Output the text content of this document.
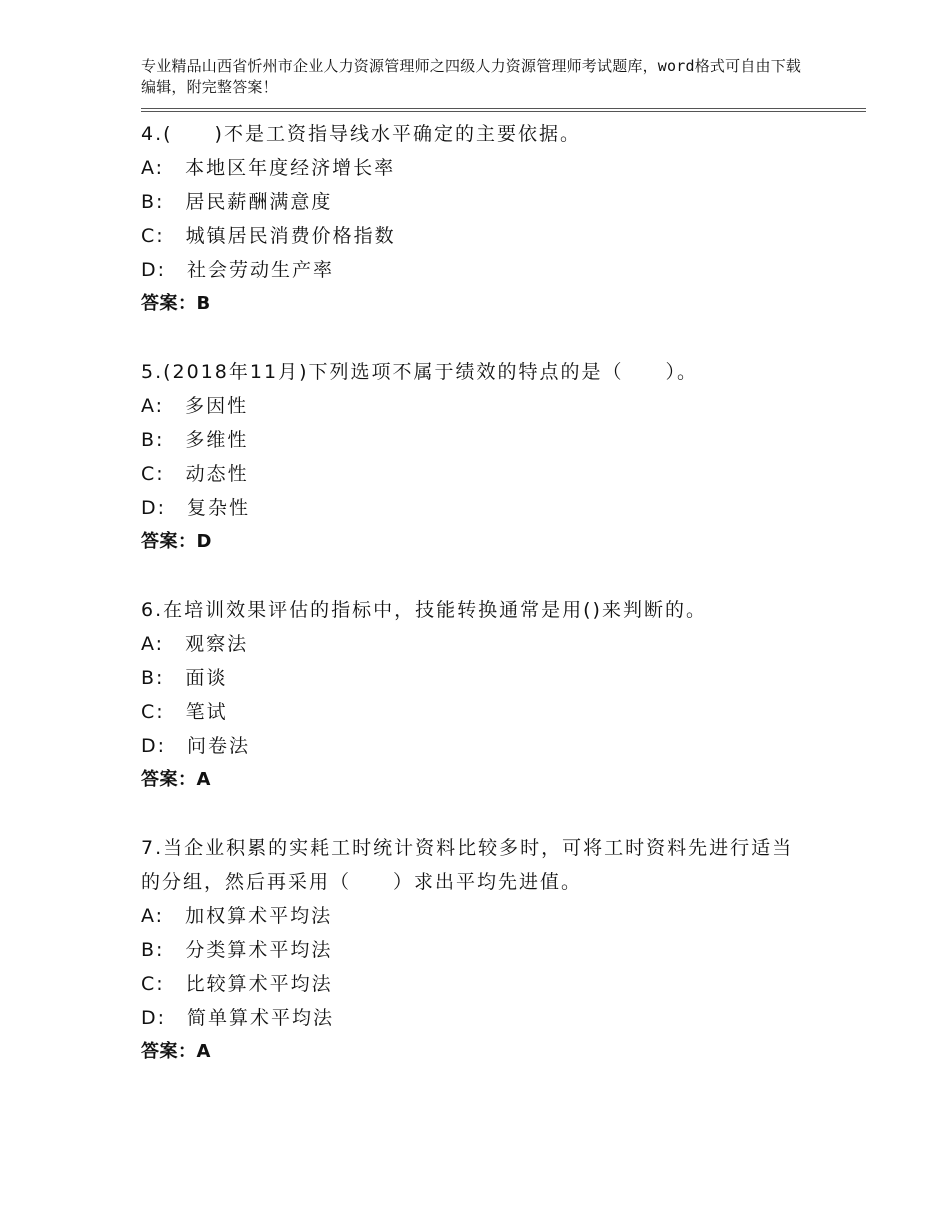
专业精品山西省忻州市企业人力资源管理师之四级人力资源管理师考试题库，word格式可自由下载编辑，附完整答案！
4.(　　)不是工资指导线水平确定的主要依据。
A:　本地区年度经济增长率
B:　居民薪酬满意度
C:　城镇居民消费价格指数
D:　社会劳动生产率
答案：B
5.(2018年11月)下列选项不属于绩效的特点的是（　　）。
A:　多因性
B:　多维性
C:　动态性
D:　复杂性
答案：D
6.在培训效果评估的指标中，技能转换通常是用()来判断的。
A:　观察法
B:　面谈
C:　笔试
D:　问卷法
答案：A
7.当企业积累的实耗工时统计资料比较多时，可将工时资料先进行适当的分组，然后再采用（　　）求出平均先进值。
A:　加权算术平均法
B:　分类算术平均法
C:　比较算术平均法
D:　简单算术平均法
答案：A
